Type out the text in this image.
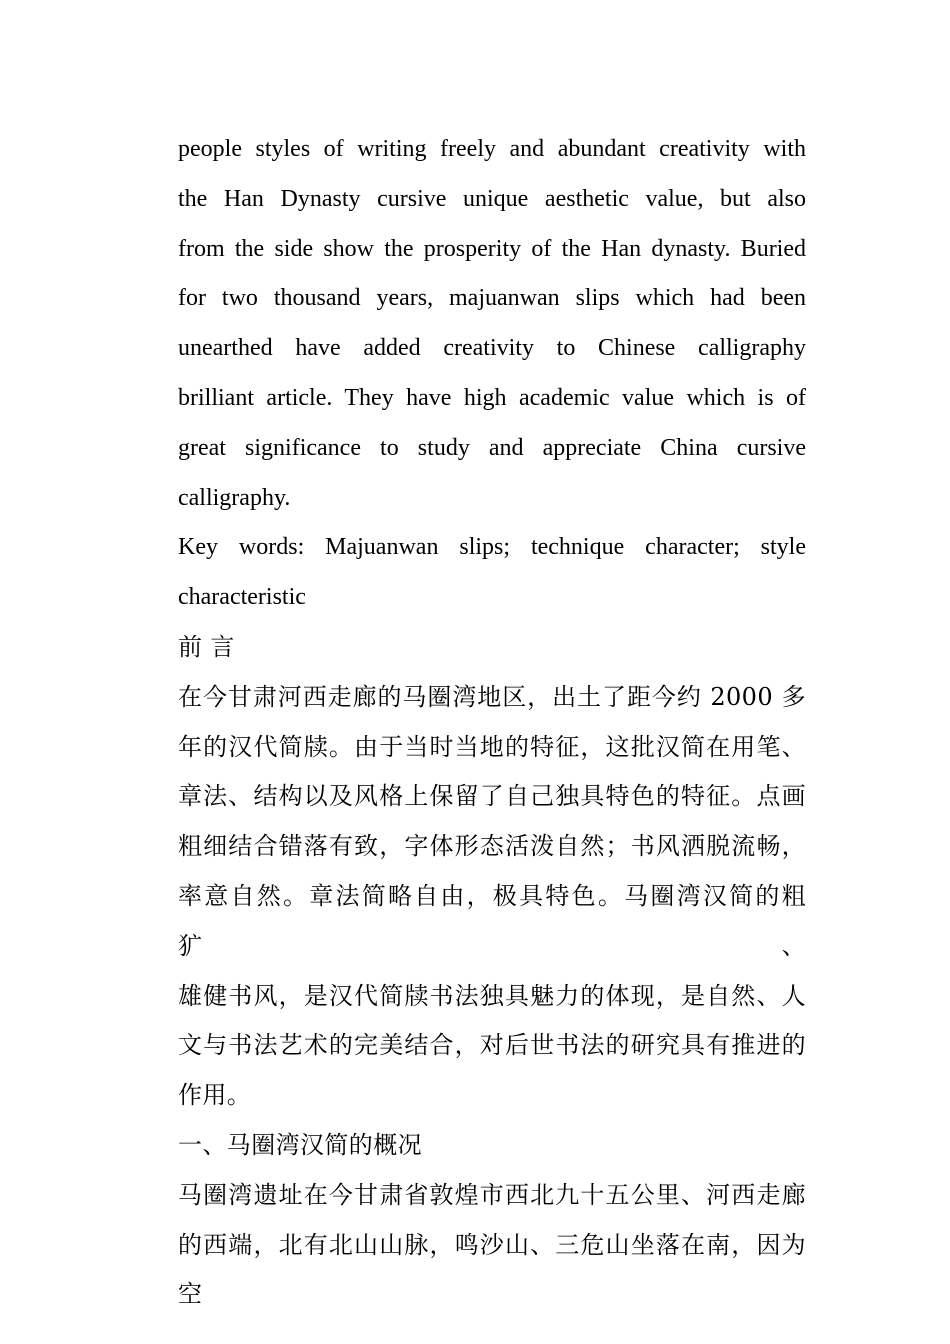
people styles of writing freely and abundant creativity with
the Han Dynasty cursive unique aesthetic value, but also
from the side show the prosperity of the Han dynasty. Buried
for two thousand years, majuanwan slips which had been
unearthed have added creativity to Chinese calligraphy
brilliant article. They have high academic value which is of
great significance to study and appreciate China cursive
calligraphy.
Key words: Majuanwan slips; technique character; style
characteristic
前 言
在今甘肃河西走廊的马圈湾地区，出土了距今约 2000 多
年的汉代简牍。由于当时当地的特征，这批汉简在用笔、
章法、结构以及风格上保留了自己独具特色的特征。点画
粗细结合错落有致，字体形态活泼自然；书风洒脱流畅，
率意自然。章法简略自由，极具特色。马圈湾汉简的粗犷、
雄健书风，是汉代简牍书法独具魅力的体现，是自然、人
文与书法艺术的完美结合，对后世书法的研究具有推进的
作用。
一、马圈湾汉简的概况
马圈湾遗址在今甘肃省敦煌市西北九十五公里、河西走廊
的西端，北有北山山脉，鸣沙山、三危山坐落在南，因为空
